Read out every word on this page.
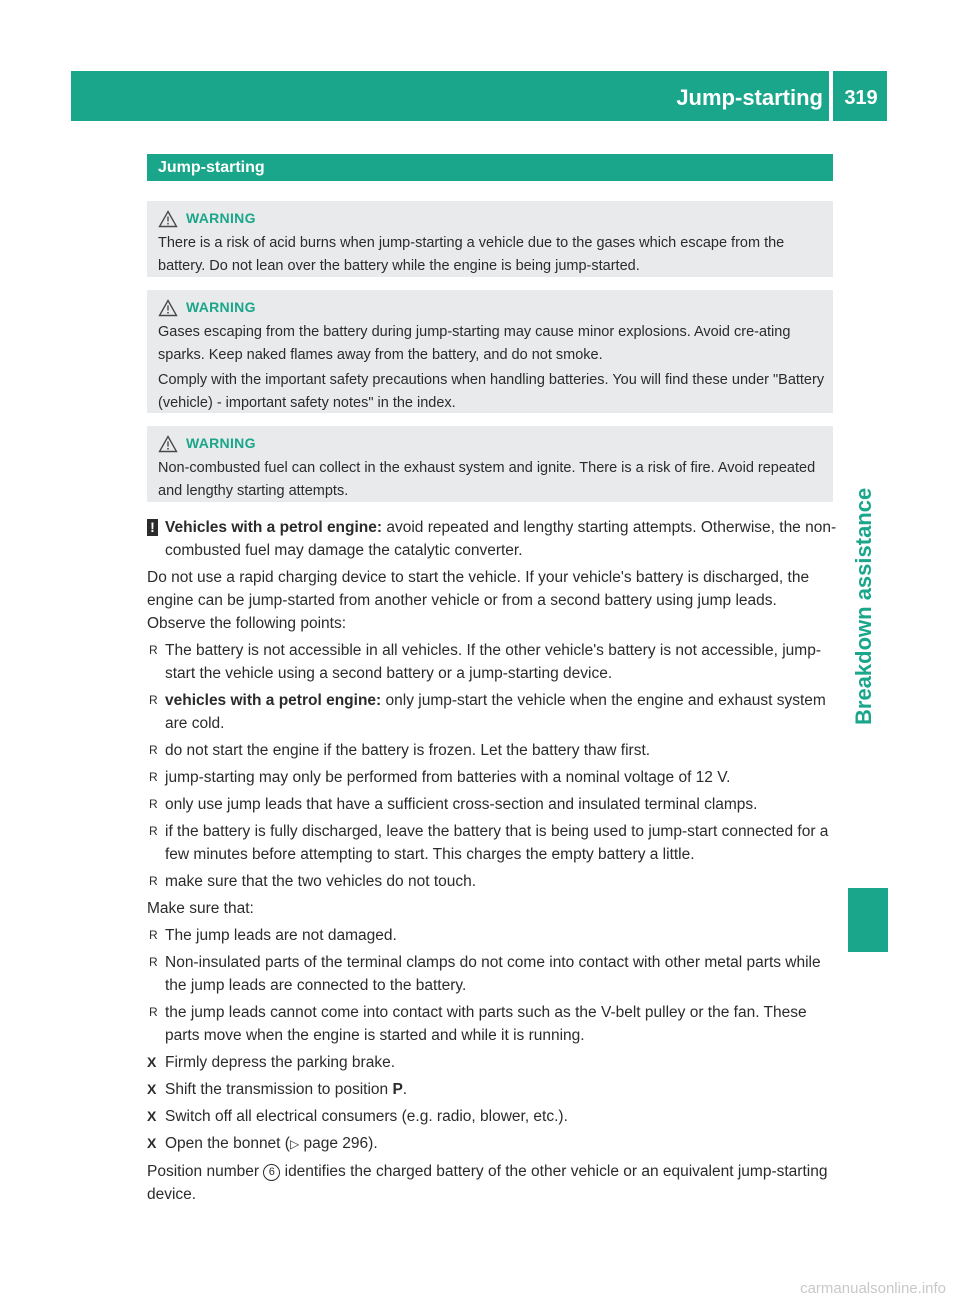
Jump-starting	319
Breakdown assistance
Jump-starting
WARNING

There is a risk of acid burns when jump-starting a vehicle due to the gases which escape from the battery. Do not lean over the battery while the engine is being jump-started.

WARNING

Gases escaping from the battery during jump-starting may cause minor explosions. Avoid cre-ating sparks. Keep naked flames away from the battery, and do not smoke.

Comply with the important safety precautions when handling batteries. You will find these under "Battery (vehicle) - important safety notes" in the index.

WARNING

Non-combusted fuel can collect in the exhaust system and ignite. There is a risk of fire. Avoid repeated and lengthy starting attempts.

! Vehicles with a petrol engine: avoid repeated and lengthy starting attempts. Otherwise, the non-combusted fuel may damage the catalytic converter.

Do not use a rapid charging device to start the vehicle. If your vehicle's battery is discharged, the engine can be jump-started from another vehicle or from a second battery using jump leads. Observe the following points:

R The battery is not accessible in all vehicles. If the other vehicle's battery is not accessible, jump-start the vehicle using a second battery or a jump-starting device.

R vehicles with a petrol engine: only jump-start the vehicle when the engine and exhaust system are cold.

R do not start the engine if the battery is frozen. Let the battery thaw first.

R jump-starting may only be performed from batteries with a nominal voltage of 12 V.

R only use jump leads that have a sufficient cross-section and insulated terminal clamps.

R if the battery is fully discharged, leave the battery that is being used to jump-start connected for a few minutes before attempting to start. This charges the empty battery a little.

R make sure that the two vehicles do not touch.

Make sure that:

R The jump leads are not damaged.

R Non-insulated parts of the terminal clamps do not come into contact with other metal parts while the jump leads are connected to the battery.

R the jump leads cannot come into contact with parts such as the V-belt pulley or the fan. These parts move when the engine is started and while it is running.

X Firmly depress the parking brake.

X Shift the transmission to position P.

X Switch off all electrical consumers (e.g. radio, blower, etc.).

X Open the bonnet (▷ page 296).

Position number 6 identifies the charged battery of the other vehicle or an equivalent jump-starting device.

carmanualsonline.info
